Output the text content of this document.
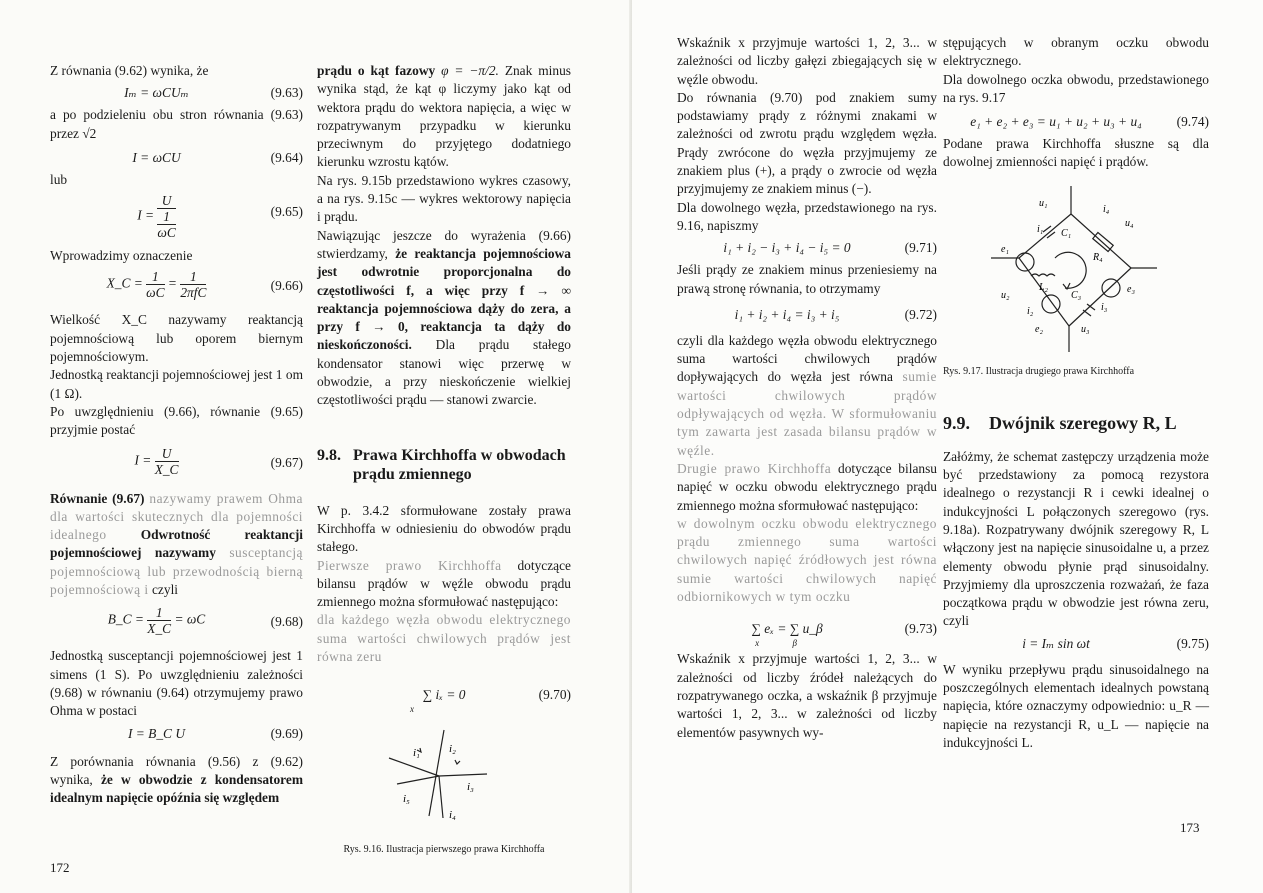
Z równania (9.62) wynika, że

Iₘ = ωCUₘ	(9.63)

a po podzieleniu obu stron równania (9.63) przez √2

I = ωCU	(9.64)

lub

I = U
1
ωC	(9.65)

Wprowadzimy oznaczenie

X_C = $\frac{1}{\omega C} = \frac{1}{\text{2πfC}}$	(9.66)

Wielkość X_C nazywamy reaktancją pojemnościową lub oporem biernym pojemnościowym.

Jednostką reaktancji pojemnościowej jest 1 om (1 Ω).

Po uwzględnieniu (9.66), równanie (9.65) przyjmie postać

$I = \frac{U}{X\_C}$	(9.67)

Równanie (9.67) nazywamy prawem Ohma dla wartości skutecznych dla pojemności idealnego	Odwrotność reaktancji pojemnościowej nazywamy susceptancją pojemnościową lub przewodnością bierną pojemnościową i czyli

B_C = $\frac{1}{X\_C} = \omega C$	(9.68)

Jednostką susceptancji pojemnościowej jest 1 simens (1 S). Po uwzględnieniu zależności (9.68) w równaniu (9.64) otrzymujemy prawo Ohma w postaci

I = B_C U	(9.69)

Z porównania równania (9.56) z (9.62) wynika, że w obwodzie z kondensatorem idealnym napięcie opóźnia się względem

prądu o kąt fazowy φ = −π/2. Znak minus wynika stąd, że kąt φ liczymy jako kąt od wektora prądu do wektora napięcia, a więc w rozpatrywanym przypadku w kierunku przeciwnym do przyjętego dodatniego kierunku wzrostu kątów.

Na rys. 9.15b przedstawiono wykres czasowy, a na rys. 9.15c — wykres wektorowy napięcia i prądu.

Nawiązując jeszcze do wyrażenia (9.66) stwierdzamy, że reaktancja pojemnościowa jest odwrotnie proporcjonalna do częstotliwości f, a więc przy f → ∞ reaktancja pojemnościowa dąży do zera, a przy f → 0, reaktancja ta dąży do nieskończoności. Dla prądu stałego kondensator stanowi więc przerwę w obwodzie, a przy nieskończenie wielkiej częstotliwości prądu — stanowi zwarcie.

9.8. Prawa Kirchhoffa w obwodach prądu zmiennego

W p. 3.4.2 sformułowane zostały prawa Kirchhoffa w odniesieniu do obwodów prądu stałego.

Pierwsze prawo Kirchhoffa dotyczące bilansu prądów w węźle obwodu prądu zmiennego można sformułować następująco:

dla każdego węzła obwodu elektrycznego suma wartości chwilowych prądów jest równa zeru

∑ iₓ = 0
$^x$
(9.70)
i₁	i₂
i₃
i₄
i₅
Rys. 9.16. Ilustracja pierwszego prawa Kirchhoffa
172

Wskaźnik x przyjmuje wartości 1, 2, 3... w zależności od liczby gałęzi zbiegających się w węźle obwodu.

Do równania (9.70) pod znakiem sumy podstawiamy prądy z różnymi znakami w zależności od zwrotu prądu względem węzła. Prądy zwrócone do węzła przyjmujemy ze znakiem plus (+), a prądy o zwrocie od węzła przyjmujemy ze znakiem minus (−).

Dla dowolnego węzła, przedstawionego na rys. 9.16, napiszmy

i₁ + i₂ − i₃ + i₄ − i₅ = 0	(9.71)

Jeśli prądy ze znakiem minus przeniesiemy na prawą stronę równania, to otrzymamy

i₁ + i₂ + i₄ = i₃ + i₅	(9.72)

czyli dla każdego węzła obwodu elektrycznego suma wartości chwilowych prądów dopływających do węzła jest równa sumie wartości chwilowych prądów odpływających od węzła. W sformułowaniu tym zawarta jest zasada bilansu prądów w węźle.

Drugie prawo Kirchhoffa dotyczące bilansu napięć w oczku obwodu elektrycznego prądu zmiennego można sformułować następująco:

w dowolnym oczku obwodu elektrycznego prądu zmiennego suma wartości chwilowych napięć źródłowych jest równa sumie wartości chwilowych napięć odbiornikowych w tym oczku

∑ eₓ = ∑ u_β
$^x$	$^\beta$
(9.73)

Wskaźnik x przyjmuje wartości 1, 2, 3... w zależności od liczby źródeł należących do rozpatrywanego oczka, a wskaźnik β przyjmuje wartości 1, 2, 3... w zależności od liczby elementów pasywnych wy-

stępujących w obranym oczku obwodu elektrycznego.

Dla dowolnego oczka obwodu, przedstawionego na rys. 9.17

e₁ + e₂ + e₃ = u₁ + u₂ + u₃ + u₄	(9.74)

Podane prawa Kirchhoffa słuszne są dla dowolnej zmienności napięć i prądów.

u₁
i₄
u₄
i₁ C₁
R₄
e₁
L₂
u₂
i₂
C₃
i₃
e₃
e₂	u₃
Rys. 9.17. Ilustracja drugiego prawa Kirchhoffa
9.9.	Dwójnik szeregowy R, L

Załóżmy, że schemat zastępczy urządzenia może być przedstawiony za pomocą rezystora idealnego o rezystancji R i cewki idealnej o indukcyjności L połączonych szeregowo (rys. 9.18a). Rozpatrywany dwójnik szeregowy R, L włączony jest na napięcie sinusoidalne u, a przez elementy obwodu płynie prąd sinusoidalny. Przyjmiemy dla uproszczenia rozważań, że faza początkowa prądu w obwodzie jest równa zeru, czyli

i = Iₘ sin ωt	(9.75)

W wyniku przepływu prądu sinusoidalnego na poszczególnych elementach idealnych powstaną napięcia, które oznaczymy odpowiednio: u_R — napięcie na rezystancji R, u_L — napięcie na indukcyjności L.

173
